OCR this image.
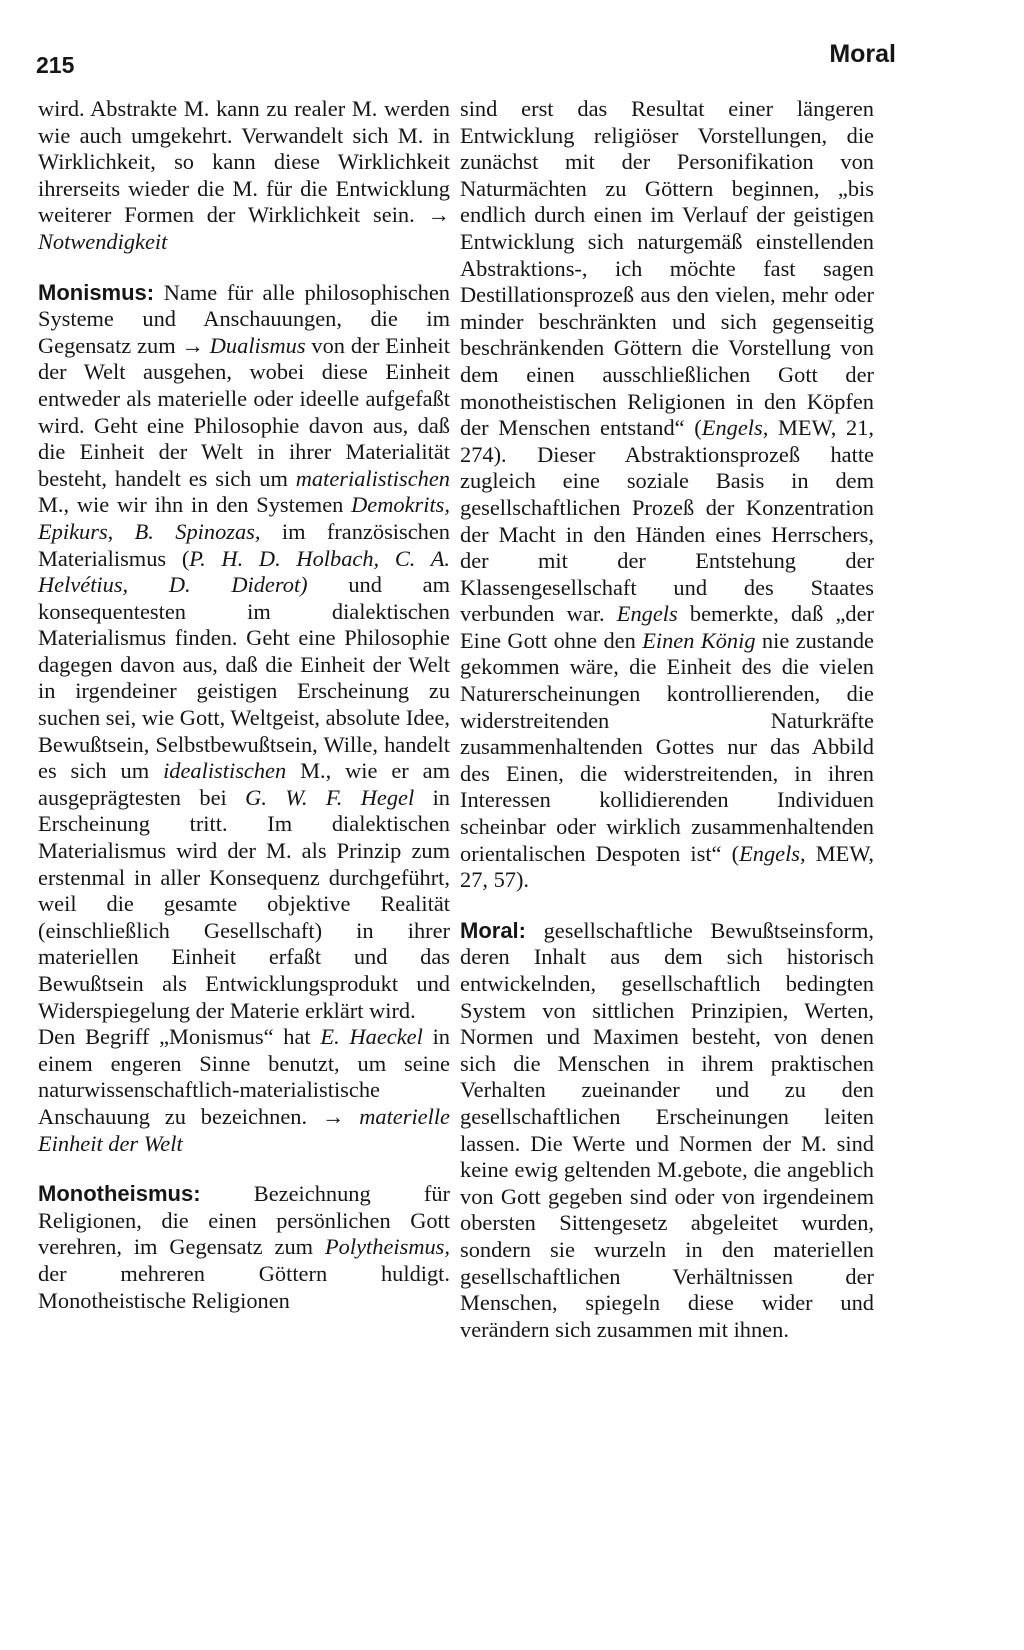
215	Moral

wird. Abstrakte M. kann zu realer M. werden wie auch umgekehrt. Verwandelt sich M. in Wirklichkeit, so kann diese Wirklichkeit ihrerseits wieder die M. für die Entwicklung weiterer Formen der Wirklichkeit sein. → Notwendigkeit

Monismus: Name für alle philosophischen Systeme und Anschauungen, die im Gegensatz zum → Dualismus von der Einheit der Welt ausgehen, wobei diese Einheit entweder als materielle oder ideelle aufgefaßt wird. Geht eine Philosophie davon aus, daß die Einheit der Welt in ihrer Materialität besteht, handelt es sich um materialistischen M., wie wir ihn in den Systemen Demokrits, Epikurs, B. Spinozas, im französischen Materialismus (P. H. D. Holbach, C. A. Helvétius, D. Diderot) und am konsequentesten im dialektischen Materialismus finden. Geht eine Philosophie dagegen davon aus, daß die Einheit der Welt in irgendeiner geistigen Erscheinung zu suchen sei, wie Gott, Weltgeist, absolute Idee, Bewußtsein, Selbstbewußtsein, Wille, handelt es sich um idealistischen M., wie er am ausgeprägtesten bei G. W. F. Hegel in Erscheinung tritt. Im dialektischen Materialismus wird der M. als Prinzip zum erstenmal in aller Konsequenz durchgeführt, weil die gesamte objektive Realität (einschließlich Gesellschaft) in ihrer materiellen Einheit erfaßt und das Bewußtsein als Entwicklungsprodukt und Widerspiegelung der Materie erklärt wird.

Den Begriff „Monismus“ hat E. Haeckel in einem engeren Sinne benutzt, um seine naturwissenschaftlich-materialistische Anschauung zu bezeichnen. → materielle Einheit der Welt

Monotheismus: Bezeichnung für Religionen, die einen persönlichen Gott verehren, im Gegensatz zum Polytheismus, der mehreren Göttern huldigt. Monotheistische Religionen

sind erst das Resultat einer längeren Entwicklung religiöser Vorstellungen, die zunächst mit der Personifikation von Naturmächten zu Göttern beginnen, „bis endlich durch einen im Verlauf der geistigen Entwicklung sich naturgemäß einstellenden Abstraktions-, ich möchte fast sagen Destillationsprozeß aus den vielen, mehr oder minder beschränkten und sich gegenseitig beschränkenden Göttern die Vorstellung von dem einen ausschließlichen Gott der monotheistischen Religionen in den Köpfen der Menschen entstand“ (Engels, MEW, 21, 274). Dieser Abstraktionsprozeß hatte zugleich eine soziale Basis in dem gesellschaftlichen Prozeß der Konzentration der Macht in den Händen eines Herrschers, der mit der Entstehung der Klassengesellschaft und des Staates verbunden war. Engels bemerkte, daß „der Eine Gott ohne den Einen König nie zustande gekommen wäre, die Einheit des die vielen Naturerscheinungen kontrollierenden, die widerstreitenden Naturkräfte zusammenhaltenden Gottes nur das Abbild des Einen, die widerstreitenden, in ihren Interessen kollidierenden Individuen scheinbar oder wirklich zusammenhaltenden orientalischen Despoten ist“ (Engels, MEW, 27, 57).

Moral: gesellschaftliche Bewußtseinsform, deren Inhalt aus dem sich historisch entwickelnden, gesellschaftlich bedingten System von sittlichen Prinzipien, Werten, Normen und Maximen besteht, von denen sich die Menschen in ihrem praktischen Verhalten zueinander und zu den gesellschaftlichen Erscheinungen leiten lassen. Die Werte und Normen der M. sind keine ewig geltenden M.gebote, die angeblich von Gott gegeben sind oder von irgendeinem obersten Sittengesetz abgeleitet wurden, sondern sie wurzeln in den materiellen gesellschaftlichen Verhältnissen der Menschen, spiegeln diese wider und verändern sich zusammen mit ihnen.
